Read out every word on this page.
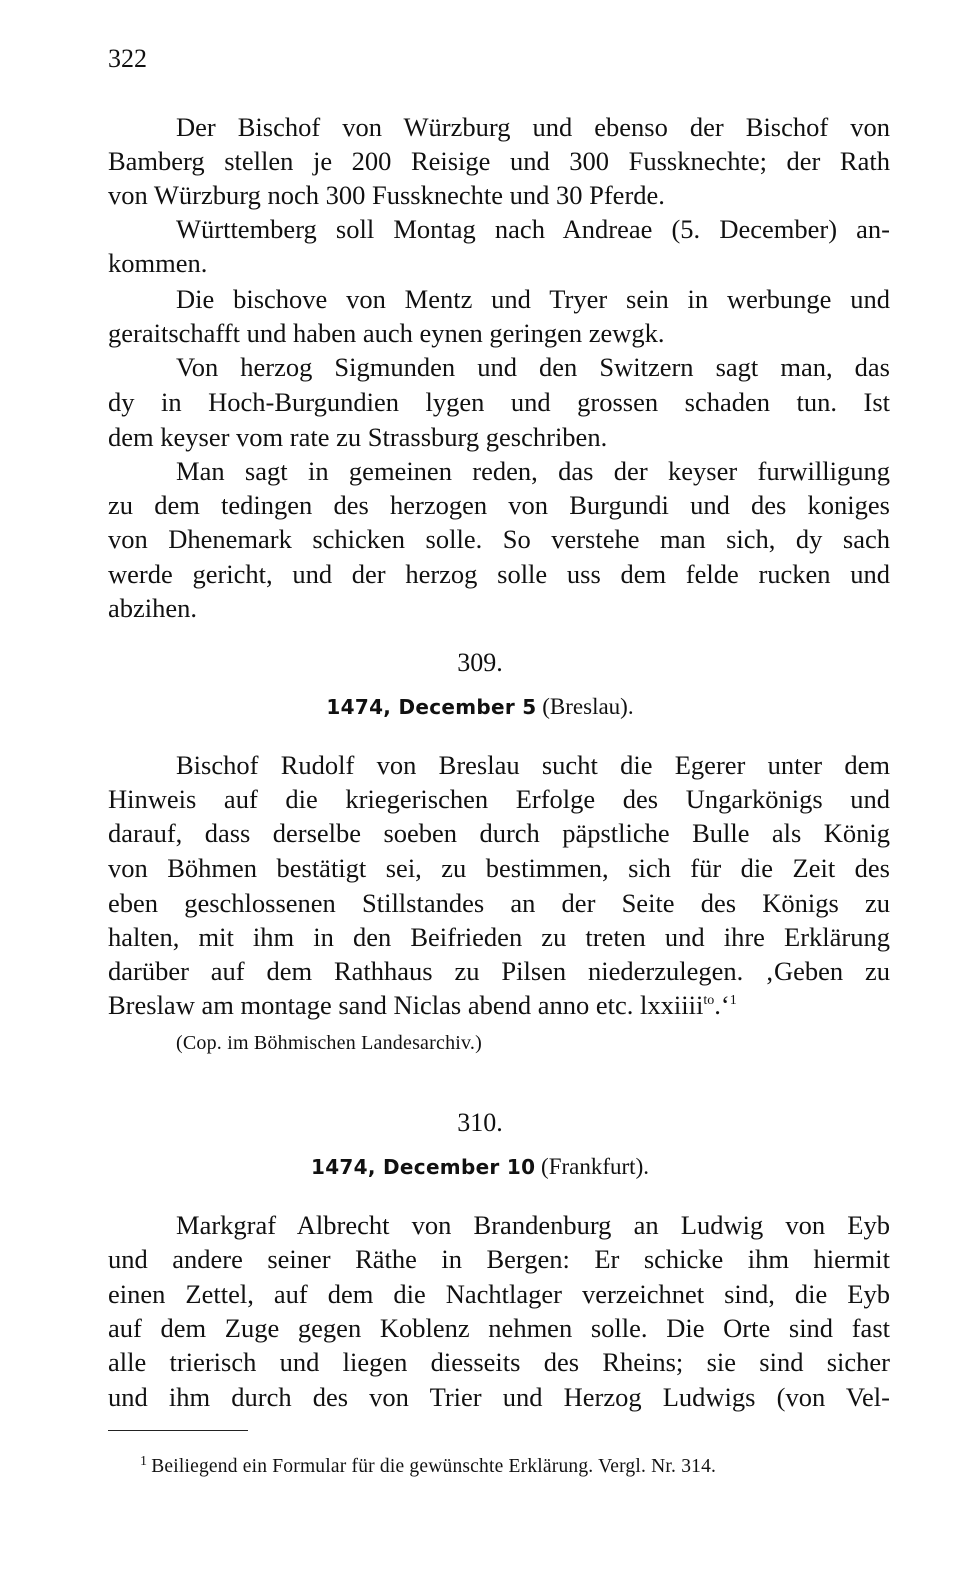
322
Der Bischof von Würzburg und ebenso der Bischof von
Bamberg stellen je 200 Reisige und 300 Fussknechte; der Rath
von Würzburg noch 300 Fussknechte und 30 Pferde.
Württemberg soll Montag nach Andreae (5. December) an-
kommen.
Die bischove von Mentz und Tryer sein in werbunge und
geraitschafft und haben auch eynen geringen zewgk.
Von herzog Sigmunden und den Switzern sagt man, das
dy in Hoch-Burgundien lygen und grossen schaden tun. Ist
dem keyser vom rate zu Strassburg geschriben.
Man sagt in gemeinen reden, das der keyser furwilligung
zu dem tedingen des herzogen von Burgundi und des koniges
von Dhenemark schicken solle. So verstehe man sich, dy sach
werde gericht, und der herzog solle uss dem felde rucken und
abzihen.
309.
1474, December 5 (Breslau).
Bischof Rudolf von Breslau sucht die Egerer unter dem
Hinweis auf die kriegerischen Erfolge des Ungarkönigs und
darauf, dass derselbe soeben durch päpstliche Bulle als König
von Böhmen bestätigt sei, zu bestimmen, sich für die Zeit des
eben geschlossenen Stillstandes an der Seite des Königs zu
halten, mit ihm in den Beifrieden zu treten und ihre Erklärung
darüber auf dem Rathhaus zu Pilsen niederzulegen. ‚Geben zu
Breslaw am montage sand Niclas abend anno etc. lxxiiii$^{to}$.‘$^1$
(Cop. im Böhmischen Landesarchiv.)
310.
1474, December 10 (Frankfurt).
Markgraf Albrecht von Brandenburg an Ludwig von Eyb
und andere seiner Räthe in Bergen: Er schicke ihm hiermit
einen Zettel, auf dem die Nachtlager verzeichnet sind, die Eyb
auf dem Zuge gegen Koblenz nehmen solle. Die Orte sind fast
alle trierisch und liegen diesseits des Rheins; sie sind sicher
und ihm durch des von Trier und Herzog Ludwigs (von Vel-
$^1$ Beiliegend ein Formular für die gewünschte Erklärung. Vergl. Nr. 314.
